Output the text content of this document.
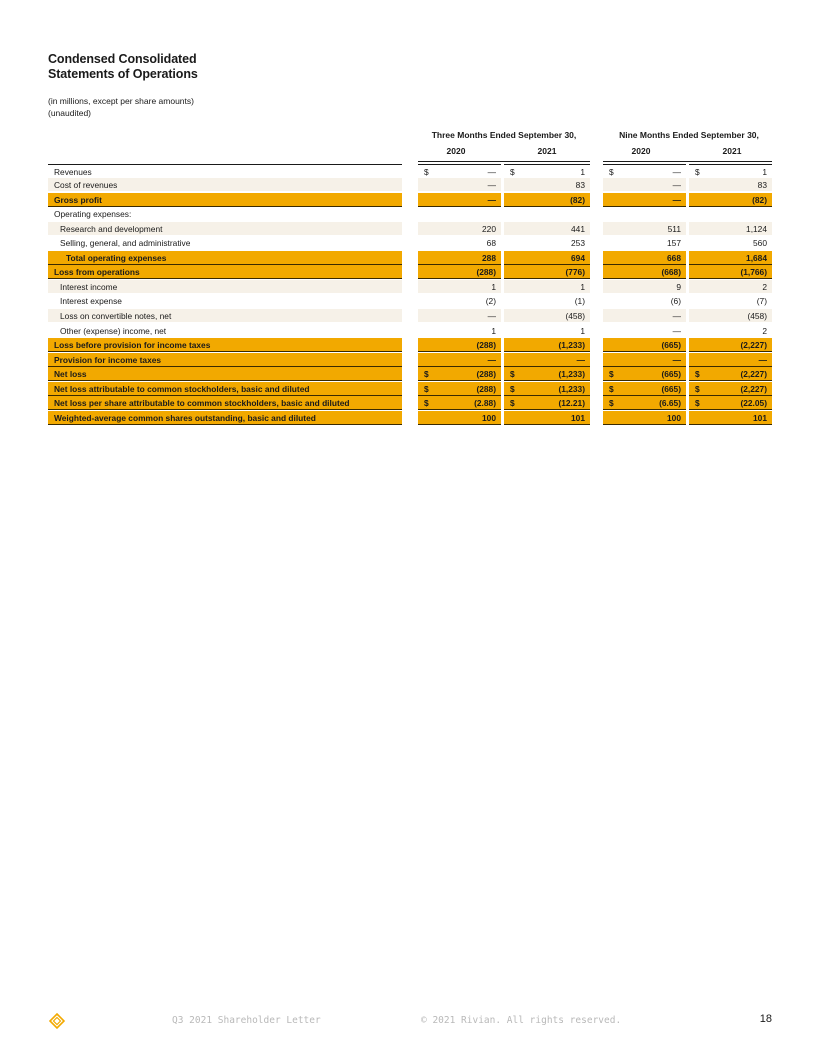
Condensed Consolidated
Statements of Operations
(in millions, except per share amounts)
(unaudited)
Three Months Ended September 30,	Nine Months Ended September 30,
2020	2021	2020	2021
Revenues	$	—	$	1	$	—	$	1
Cost of revenues	—	83	—	83
Gross profit	—	(82)	—	(82)
Operating expenses:
Research and development	220	441	511	1,124
Selling, general, and administrative	68	253	157	560
Total operating expenses	288	694	668	1,684
Loss from operations	(288)	(776)	(668)	(1,766)
Interest income	1	1	9	2
Interest expense	(2)	(1)	(6)	(7)
Loss on convertible notes, net	—	(458)	—	(458)
Other (expense) income, net	1	1	—	2
Loss before provision for income taxes	(288)	(1,233)	(665)	(2,227)
Provision for income taxes	—	—	—	—
Net loss	$	(288)	$	(1,233)	$	(665)	$	(2,227)
Net loss attributable to common stockholders, basic and diluted	$	(288)	$	(1,233)	$	(665)	$	(2,227)
Net loss per share attributable to common stockholders, basic and diluted	$	(2.88)	$	(12.21)	$	(6.65)	$	(22.05)
Weighted-average common shares outstanding, basic and diluted	100	101	100	101
Q3 2021 Shareholder Letter	© 2021 Rivian. All rights reserved.	18
